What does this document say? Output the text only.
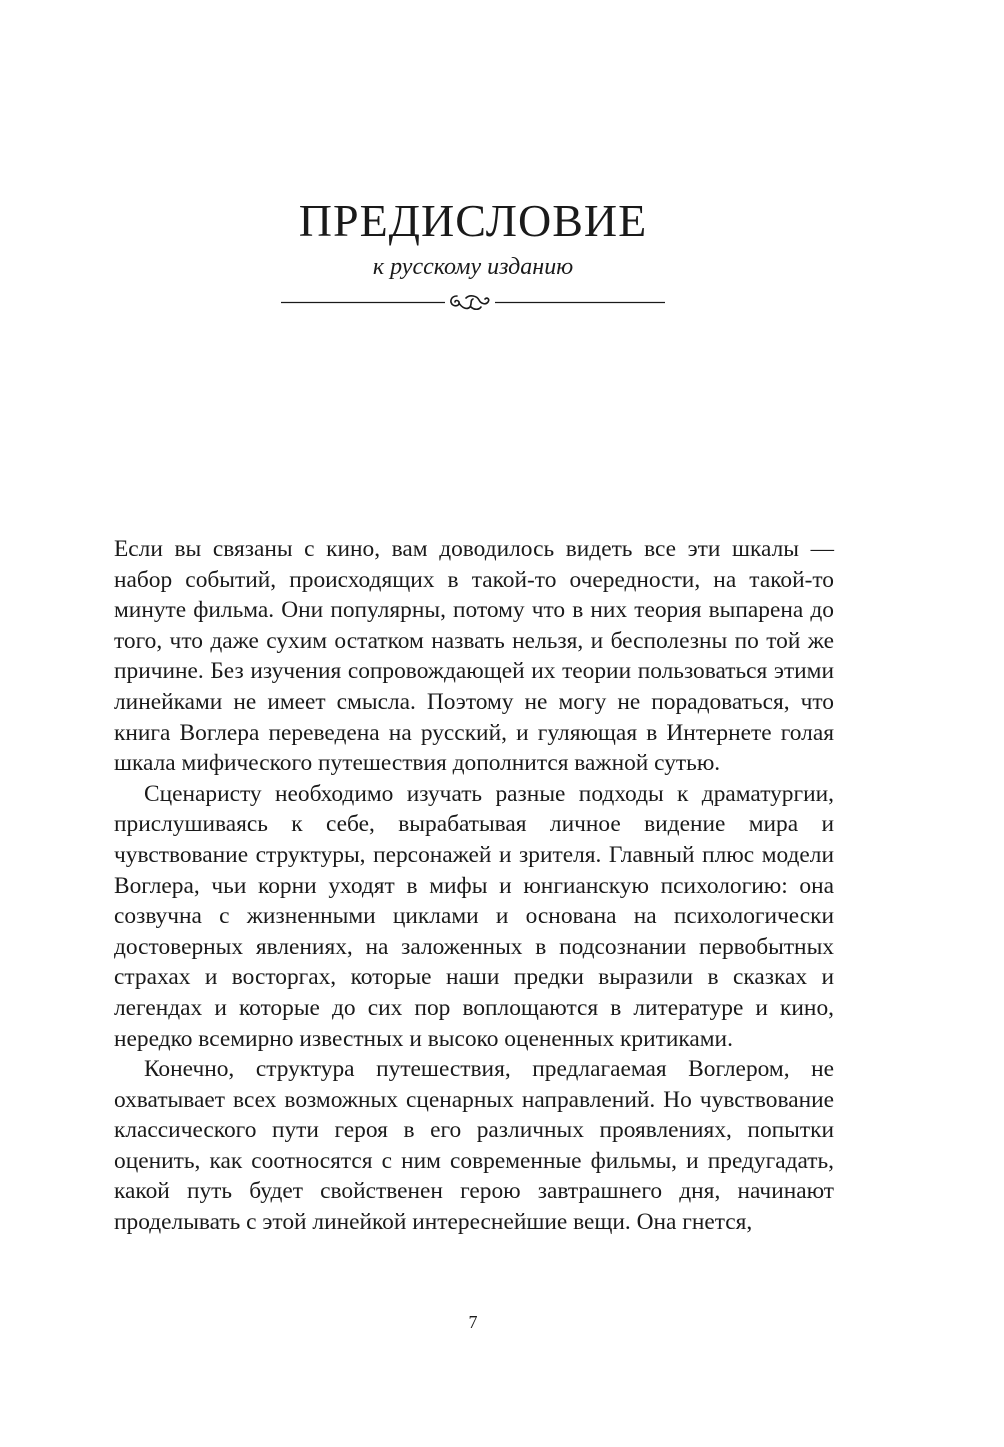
ПРЕДИСЛОВИЕ
к русскому изданию

Если вы связаны с кино, вам доводилось видеть все эти шкалы — набор событий, происходящих в такой-то очередности, на такой-то минуте фильма. Они популярны, потому что в них теория выпарена до того, что даже сухим остатком назвать нельзя, и бесполезны по той же причине. Без изучения сопровождающей их теории пользоваться этими линейками не имеет смысла. Поэтому не могу не порадоваться, что книга Воглера переведена на русский, и гуляющая в Интернете голая шкала мифического путешествия дополнится важной сутью.

Сценаристу необходимо изучать разные подходы к драматургии, прислушиваясь к себе, вырабатывая личное видение мира и чувствование структуры, персонажей и зрителя. Главный плюс модели Воглера, чьи корни уходят в мифы и юнгианскую психологию: она созвучна с жизненными циклами и основана на психологически достоверных явлениях, на заложенных в подсознании первобытных страхах и восторгах, которые наши предки выразили в сказках и легендах и которые до сих пор воплощаются в литературе и кино, нередко всемирно известных и высоко оцененных критиками.

Конечно, структура путешествия, предлагаемая Воглером, не охватывает всех возможных сценарных направлений. Но чувствование классического пути героя в его различных проявлениях, попытки оценить, как соотносятся с ним современные фильмы, и предугадать, какой путь будет свойственен герою завтрашнего дня, начинают проделывать с этой линейкой интереснейшие вещи. Она гнется,

7
